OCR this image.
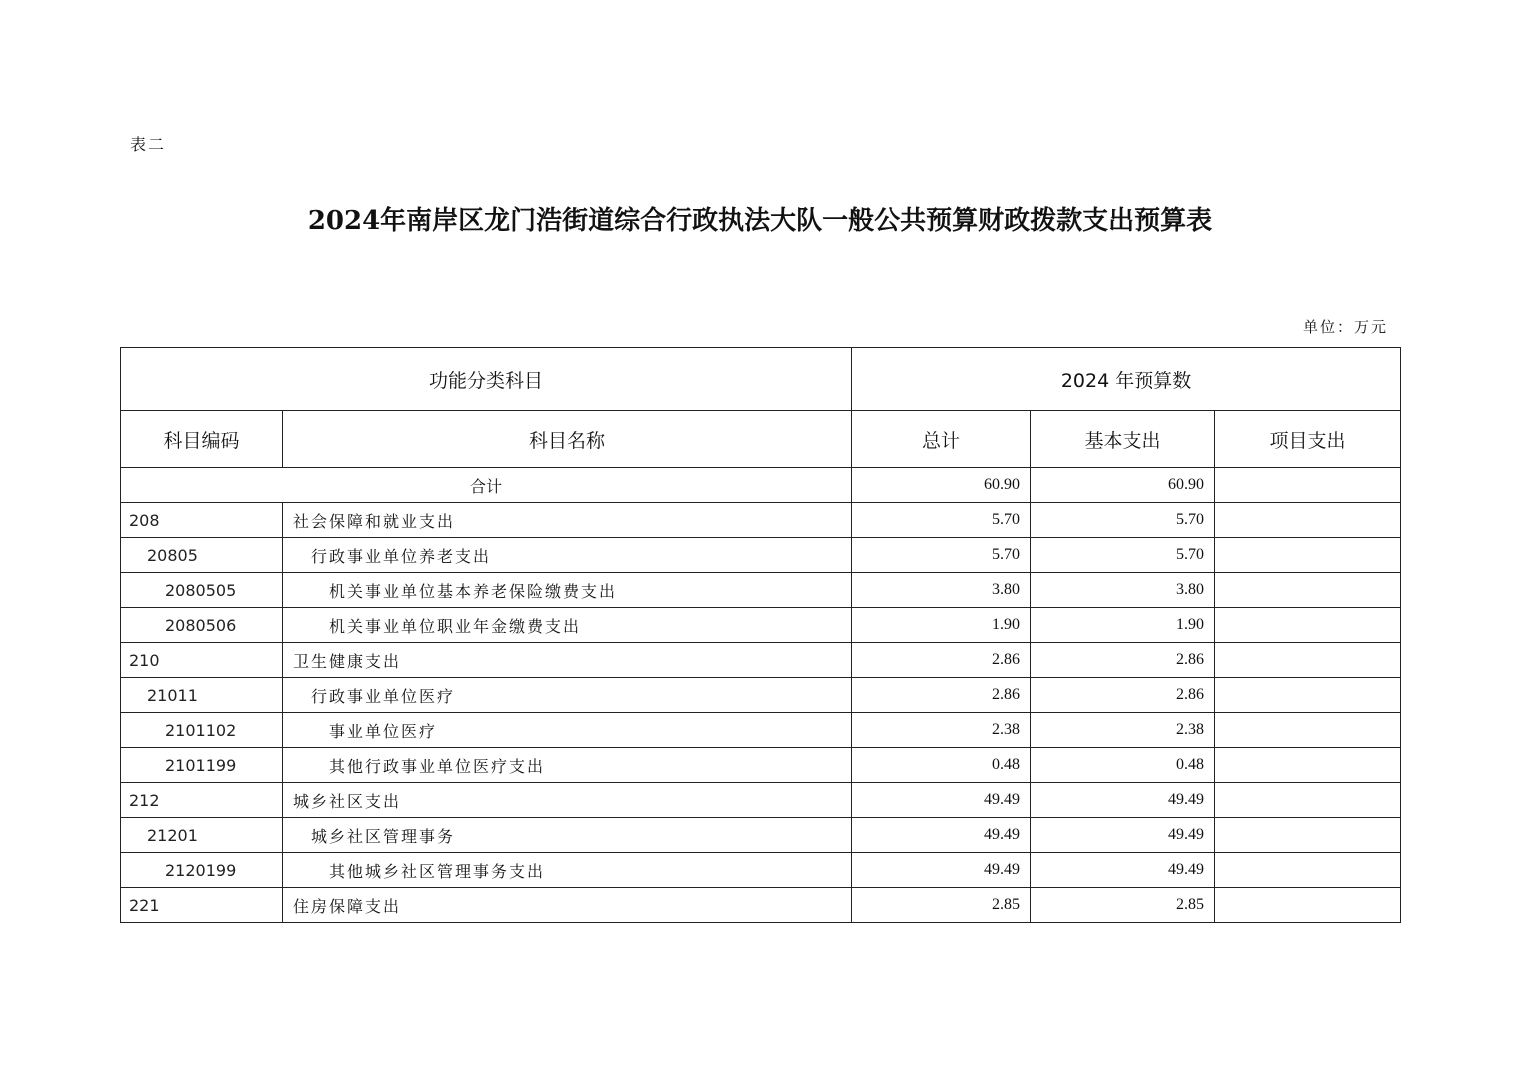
表二
2024年南岸区龙门浩街道综合行政执法大队一般公共预算财政拨款支出预算表
单位：万元
功能分类科目		2024 年预算数		
科目编码	科目名称	总计	基本支出	项目支出
合计		60.90	60.90	
208	社会保障和就业支出	5.70	5.70	
20805	行政事业单位养老支出	5.70	5.70	
2080505	机关事业单位基本养老保险缴费支出	3.80	3.80	
2080506	机关事业单位职业年金缴费支出	1.90	1.90	
210	卫生健康支出	2.86	2.86	
21011	行政事业单位医疗	2.86	2.86	
2101102	事业单位医疗	2.38	2.38	
2101199	其他行政事业单位医疗支出	0.48	0.48	
212	城乡社区支出	49.49	49.49	
21201	城乡社区管理事务	49.49	49.49	
2120199	其他城乡社区管理事务支出	49.49	49.49	
221	住房保障支出	2.85	2.85	
